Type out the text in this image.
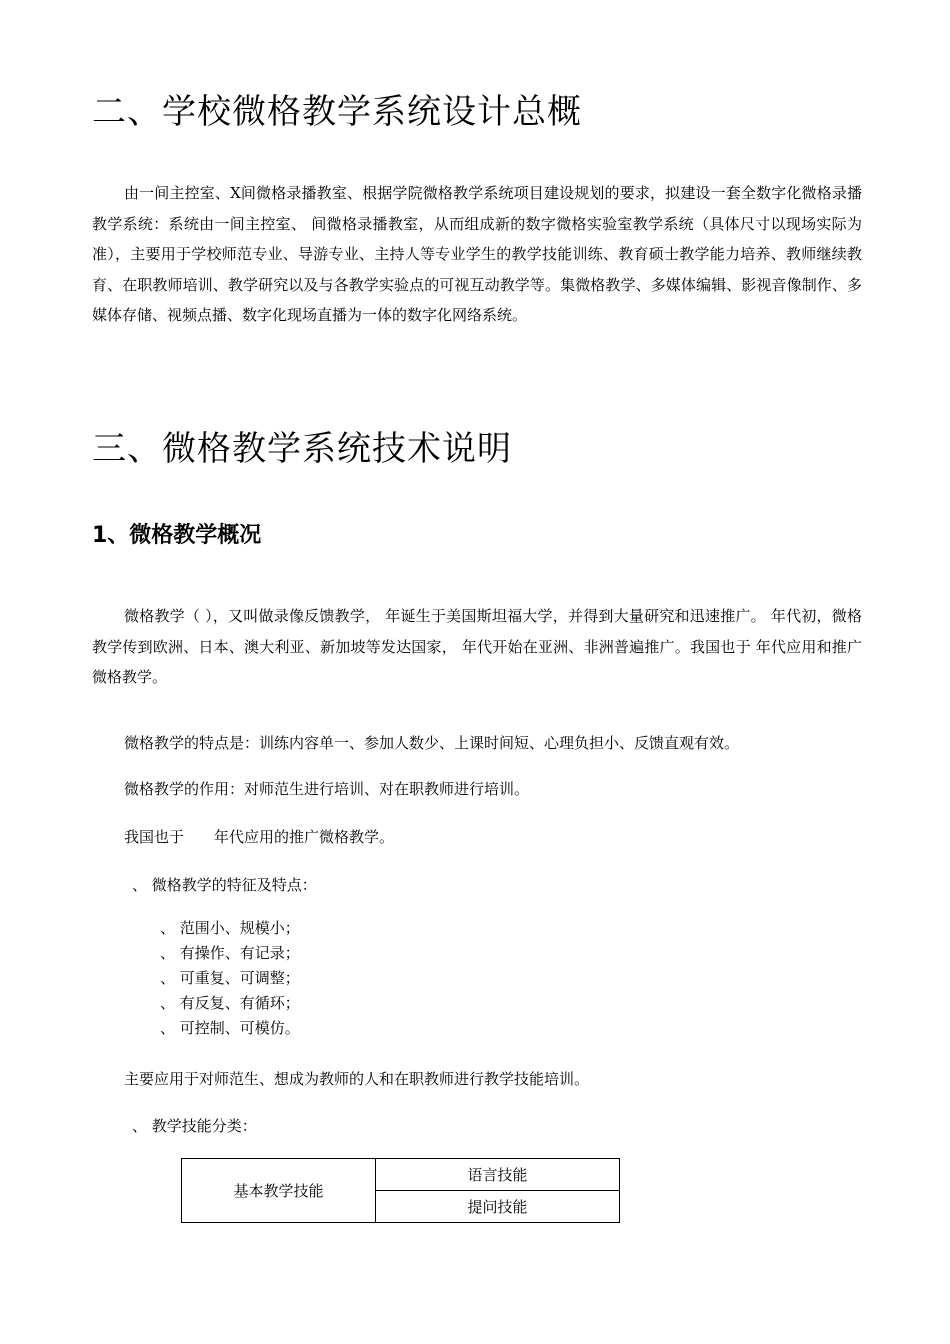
二、学校微格教学系统设计总概
由一间主控室、X间微格录播教室、根据学院微格教学系统项目建设规划的要求，拟建设一套全数字化微格录播教学系统：系统由一间主控室、 间微格录播教室，从而组成新的数字微格实验室教学系统（具体尺寸以现场实际为准），主要用于学校师范专业、导游专业、主持人等专业学生的教学技能训练、教育硕士教学能力培养、教师继续教育、在职教师培训、教学研究以及与各教学实验点的可视互动教学等。集微格教学、多媒体编辑、影视音像制作、多媒体存储、视频点播、数字化现场直播为一体的数字化网络系统。
三、微格教学系统技术说明
1、微格教学概况
微格教学（ ），又叫做录像反馈教学， 年诞生于美国斯坦福大学，并得到大量研究和迅速推广。 年代初，微格教学传到欧洲、日本、澳大利亚、新加坡等发达国家， 年代开始在亚洲、非洲普遍推广。我国也于 年代应用和推广微格教学。
微格教学的特点是：训练内容单一、参加人数少、上课时间短、心理负担小、反馈直观有效。
微格教学的作用：对师范生进行培训、对在职教师进行培训。
我国也于　　年代应用的推广微格教学。
、 微格教学的特征及特点：
、 范围小、规模小；
、 有操作、有记录；
、 可重复、可调整；
、 有反复、有循环；
、 可控制、可模仿。
主要应用于对师范生、想成为教师的人和在职教师进行教学技能培训。
、 教学技能分类：
基本教学技能	语言技能
提问技能
